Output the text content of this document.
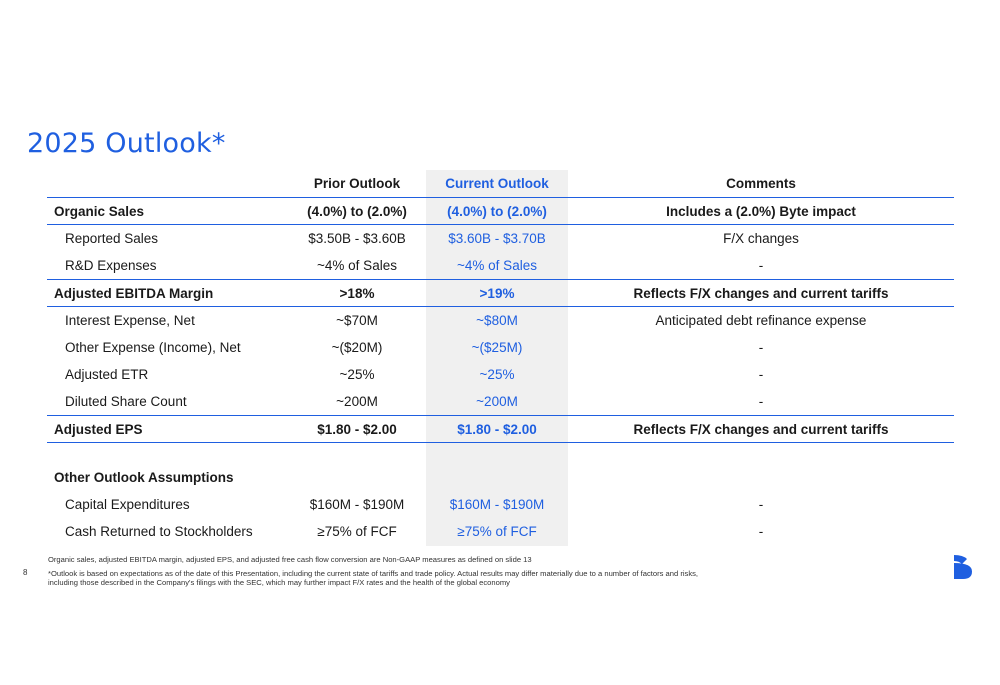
2025 Outlook*
Prior Outlook	Current Outlook	Comments
Organic Sales	(4.0%) to (2.0%)	(4.0%) to (2.0%)	Includes a (2.0%) Byte impact
Reported Sales	$3.50B - $3.60B	$3.60B - $3.70B	F/X changes
R&D Expenses	~4% of Sales	~4% of Sales	-
Adjusted EBITDA Margin	>18%	>19%	Reflects F/X changes and current tariffs
Interest Expense, Net	~$70M	~$80M	Anticipated debt refinance expense
Other Expense (Income), Net	~($20M)	~($25M)	-
Adjusted ETR	~25%	~25%	-
Diluted Share Count	~200M	~200M	-
Adjusted EPS	$1.80 - $2.00	$1.80 - $2.00	Reflects F/X changes and current tariffs
Other Outlook Assumptions
Capital Expenditures	$160M - $190M	$160M - $190M	-
Cash Returned to Stockholders	≥75% of FCF	≥75% of FCF	-
Organic sales, adjusted EBITDA margin, adjusted EPS, and adjusted free cash flow conversion are Non-GAAP measures as defined on slide 13
*Outlook is based on expectations as of the date of this Presentation, including the current state of tariffs and trade policy. Actual results may differ materially due to a number of factors and risks,
including those described in the Company's filings with the SEC, which may further impact F/X rates and the health of the global economy
8
